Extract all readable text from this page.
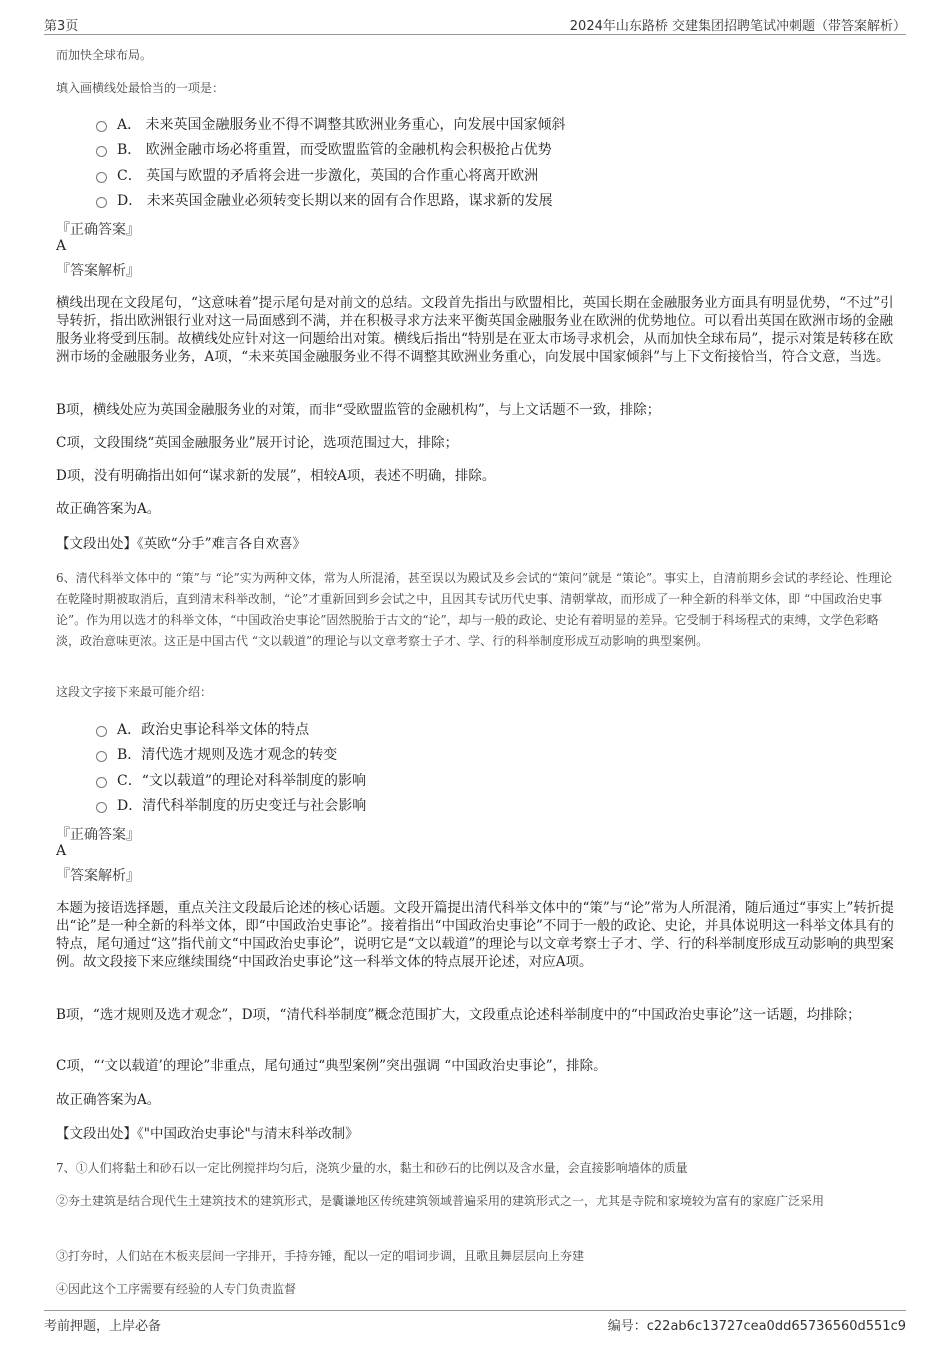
第3页	2024年山东路桥 交建集团招聘笔试冲刺题（带答案解析）
而加快全球布局。
填入画横线处最恰当的一项是：
A． 未来英国金融服务业不得不调整其欧洲业务重心，向发展中国家倾斜
B． 欧洲金融市场必将重置，而受欧盟监管的金融机构会积极抢占优势
C． 英国与欧盟的矛盾将会进一步激化，英国的合作重心将离开欧洲
D． 未来英国金融业必须转变长期以来的固有合作思路，谋求新的发展
『正确答案』
A
『答案解析』
横线出现在文段尾句，“这意味着”提示尾句是对前文的总结。文段首先指出与欧盟相比，英国长期在金融服务业方面具有明显优势，“不过”引导转折，指出欧洲银行业对这一局面感到不满，并在积极寻求方法来平衡英国金融服务业在欧洲的优势地位。可以看出英国在欧洲市场的金融服务业将受到压制。故横线处应针对这一问题给出对策。横线后指出“特别是在亚太市场寻求机会，从而加快全球布局”，提示对策是转移在欧洲市场的金融服务业务，A项，“未来英国金融服务业不得不调整其欧洲业务重心，向发展中国家倾斜”与上下文衔接恰当，符合文意，当选。
B项，横线处应为英国金融服务业的对策，而非“受欧盟监管的金融机构”，与上文话题不一致，排除；
C项，文段围绕“英国金融服务业”展开讨论，选项范围过大，排除；
D项，没有明确指出如何“谋求新的发展”，相较A项，表述不明确，排除。
故正确答案为A。
【文段出处】《英欧“分手”难言各自欢喜》
6、清代科举文体中的 “策”与 “论”实为两种文体，常为人所混淆，甚至误以为殿试及乡会试的“策问”就是 “策论”。事实上，自清前期乡会试的孝经论、性理论在乾隆时期被取消后，直到清末科举改制，“论”才重新回到乡会试之中，且因其专试历代史事、清朝掌故，而形成了一种全新的科举文体，即 “中国政治史事论”。作为用以选才的科举文体，“中国政治史事论”固然脱胎于古文的“论”，却与一般的政论、史论有着明显的差异。它受制于科场程式的束缚，文学色彩略淡，政治意味更浓。这正是中国古代 “文以载道”的理论与以文章考察士子才、学、行的科举制度形成互动影响的典型案例。
这段文字接下来最可能介绍：
A．政治史事论科举文体的特点
B．清代选才规则及选才观念的转变
C．“文以载道”的理论对科举制度的影响
D．清代科举制度的历史变迁与社会影响
『正确答案』
A
『答案解析』
本题为接语选择题，重点关注文段最后论述的核心话题。文段开篇提出清代科举文体中的“策”与“论”常为人所混淆，随后通过“事实上”转折提出“论”是一种全新的科举文体，即“中国政治史事论”。接着指出“中国政治史事论”不同于一般的政论、史论，并具体说明这一科举文体具有的特点，尾句通过“这”指代前文“中国政治史事论”，说明它是“文以载道”的理论与以文章考察士子才、学、行的科举制度形成互动影响的典型案例。故文段接下来应继续围绕“中国政治史事论”这一科举文体的特点展开论述，对应A项。
B项，“选才规则及选才观念”，D项，“清代科举制度”概念范围扩大，文段重点论述科举制度中的“中国政治史事论”这一话题，均排除；
C项，“‘文以载道’的理论”非重点，尾句通过“典型案例”突出强调 “中国政治史事论”，排除。
故正确答案为A。
【文段出处】《"中国政治史事论"与清末科举改制》
7、①人们将黏土和砂石以一定比例搅拌均匀后，浇筑少量的水，黏土和砂石的比例以及含水量，会直接影响墙体的质量
②夯土建筑是结合现代生土建筑技术的建筑形式，是囊谦地区传统建筑领域普遍采用的建筑形式之一，尤其是寺院和家境较为富有的家庭广泛采用
③打夯时，人们站在木板夹层间一字排开，手持夯锤，配以一定的唱词步调，且歌且舞层层向上夯建
④因此这个工序需要有经验的人专门负责监督
考前押题，上岸必备	编号：c22ab6c13727cea0dd65736560d551c9
